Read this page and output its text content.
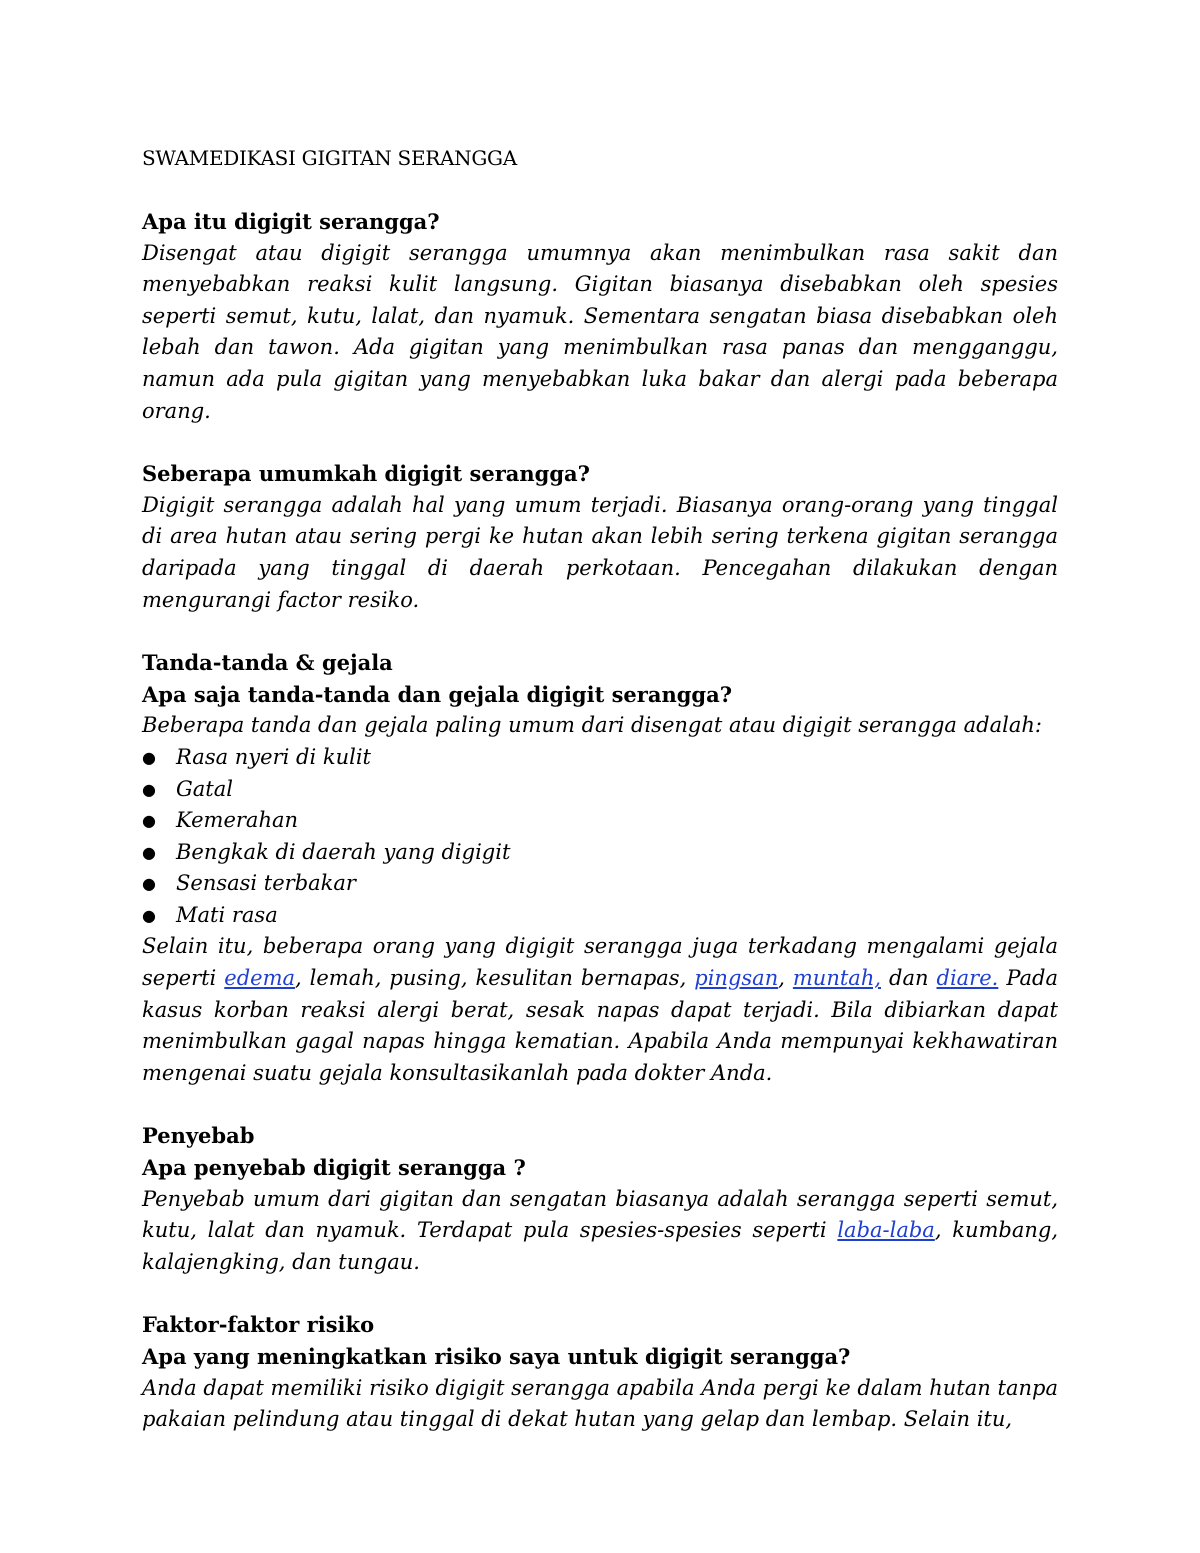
SWAMEDIKASI GIGITAN SERANGGA

Apa itu digigit serangga?

Disengat atau digigit serangga umumnya akan menimbulkan rasa sakit dan menyebabkan reaksi kulit langsung. Gigitan biasanya disebabkan oleh spesies seperti semut, kutu, lalat, dan nyamuk. Sementara sengatan biasa disebabkan oleh lebah dan tawon. Ada gigitan yang menimbulkan rasa panas dan mengganggu, namun ada pula gigitan yang menyebabkan luka bakar dan alergi pada beberapa orang.

Seberapa umumkah digigit serangga?

Digigit serangga adalah hal yang umum terjadi. Biasanya orang-orang yang tinggal di area hutan atau sering pergi ke hutan akan lebih sering terkena gigitan serangga daripada yang tinggal di daerah perkotaan. Pencegahan dilakukan dengan mengurangi factor resiko.

Tanda-tanda & gejala

Apa saja tanda-tanda dan gejala digigit serangga?

Beberapa tanda dan gejala paling umum dari disengat atau digigit serangga adalah:

● Rasa nyeri di kulit
● Gatal
● Kemerahan
● Bengkak di daerah yang digigit
● Sensasi terbakar
● Mati rasa

Selain itu, beberapa orang yang digigit serangga juga terkadang mengalami gejala seperti edema, lemah, pusing, kesulitan bernapas, pingsan, muntah, dan diare. Pada kasus korban reaksi alergi berat, sesak napas dapat terjadi. Bila dibiarkan dapat menimbulkan gagal napas hingga kematian. Apabila Anda mempunyai kekhawatiran mengenai suatu gejala konsultasikanlah pada dokter Anda.

Penyebab

Apa penyebab digigit serangga ?

Penyebab umum dari gigitan dan sengatan biasanya adalah serangga seperti semut, kutu, lalat dan nyamuk. Terdapat pula spesies-spesies seperti laba-laba, kumbang, kalajengking, dan tungau.

Faktor-faktor risiko

Apa yang meningkatkan risiko saya untuk digigit serangga?

Anda dapat memiliki risiko digigit serangga apabila Anda pergi ke dalam hutan tanpa pakaian pelindung atau tinggal di dekat hutan yang gelap dan lembap. Selain itu,
